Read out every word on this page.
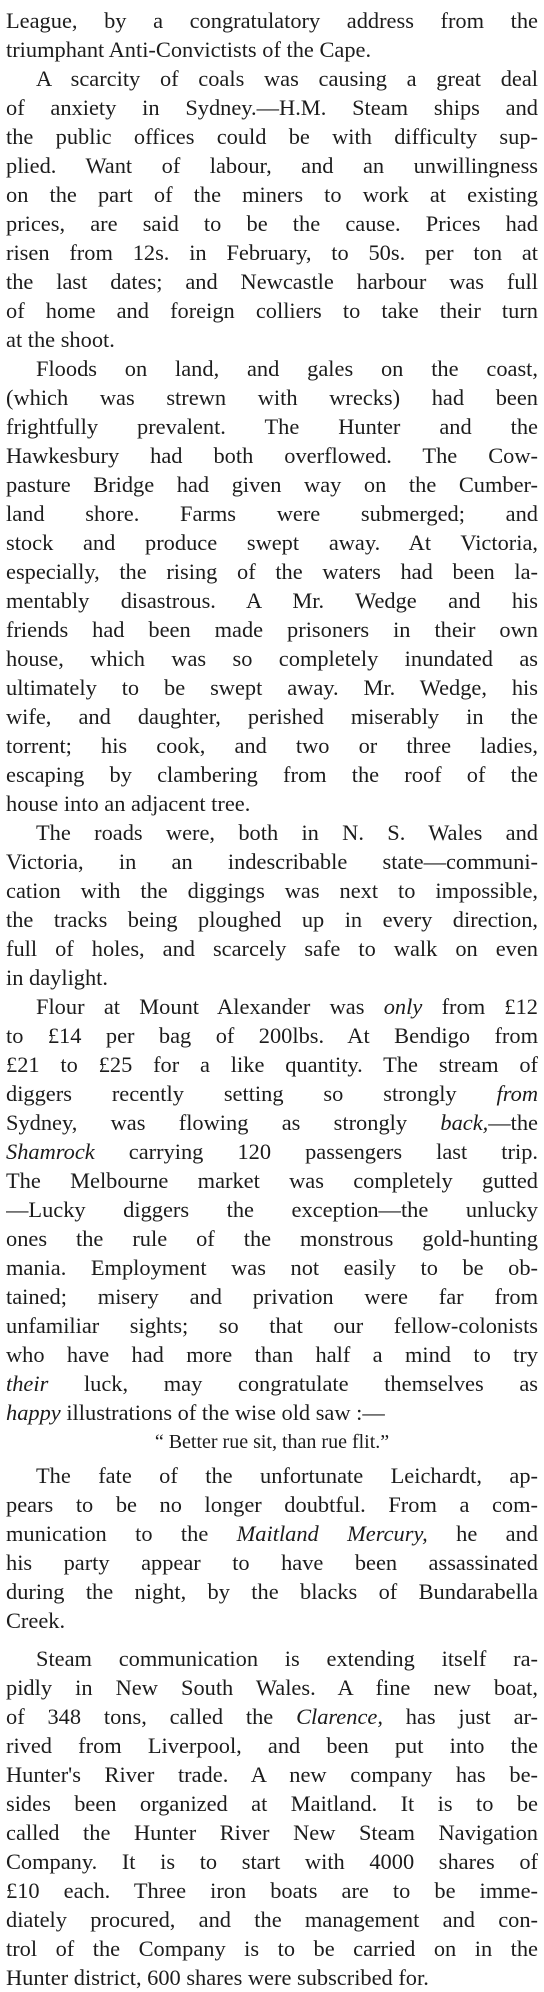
League, by a congratulatory address from the
triumphant Anti-Convictists of the Cape.
A scarcity of coals was causing a great deal
of anxiety in Sydney.—H.M. Steam ships and
the public offices could be with difficulty sup-
plied. Want of labour, and an unwillingness
on the part of the miners to work at existing
prices, are said to be the cause. Prices had
risen from 12s. in February, to 50s. per ton at
the last dates; and Newcastle harbour was full
of home and foreign colliers to take their turn
at the shoot.
Floods on land, and gales on the coast,
(which was strewn with wrecks) had been
frightfully prevalent. The Hunter and the
Hawkesbury had both overflowed. The Cow-
pasture Bridge had given way on the Cumber-
land shore. Farms were submerged; and
stock and produce swept away. At Victoria,
especially, the rising of the waters had been la-
mentably disastrous. A Mr. Wedge and his
friends had been made prisoners in their own
house, which was so completely inundated as
ultimately to be swept away. Mr. Wedge, his
wife, and daughter, perished miserably in the
torrent; his cook, and two or three ladies,
escaping by clambering from the roof of the
house into an adjacent tree.
The roads were, both in N. S. Wales and
Victoria, in an indescribable state—communi-
cation with the diggings was next to impossible,
the tracks being ploughed up in every direction,
full of holes, and scarcely safe to walk on even
in daylight.
Flour at Mount Alexander was only from £12
to £14 per bag of 200lbs. At Bendigo from
£21 to £25 for a like quantity. The stream of
diggers recently setting so strongly from
Sydney, was flowing as strongly back,—the
Shamrock carrying 120 passengers last trip.
The Melbourne market was completely gutted
—Lucky diggers the exception—the unlucky
ones the rule of the monstrous gold-hunting
mania. Employment was not easily to be ob-
tained; misery and privation were far from
unfamiliar sights; so that our fellow-colonists
who have had more than half a mind to try
their luck, may congratulate themselves as
happy illustrations of the wise old saw :—
“ Better rue sit, than rue flit.”
The fate of the unfortunate Leichardt, ap-
pears to be no longer doubtful. From a com-
munication to the Maitland Mercury, he and
his party appear to have been assassinated
during the night, by the blacks of Bundarabella
Creek.
Steam communication is extending itself ra-
pidly in New South Wales. A fine new boat,
of 348 tons, called the Clarence, has just ar-
rived from Liverpool, and been put into the
Hunter's River trade. A new company has be-
sides been organized at Maitland. It is to be
called the Hunter River New Steam Navigation
Company. It is to start with 4000 shares of
£10 each. Three iron boats are to be imme-
diately procured, and the management and con-
trol of the Company is to be carried on in the
Hunter district, 600 shares were subscribed for.
